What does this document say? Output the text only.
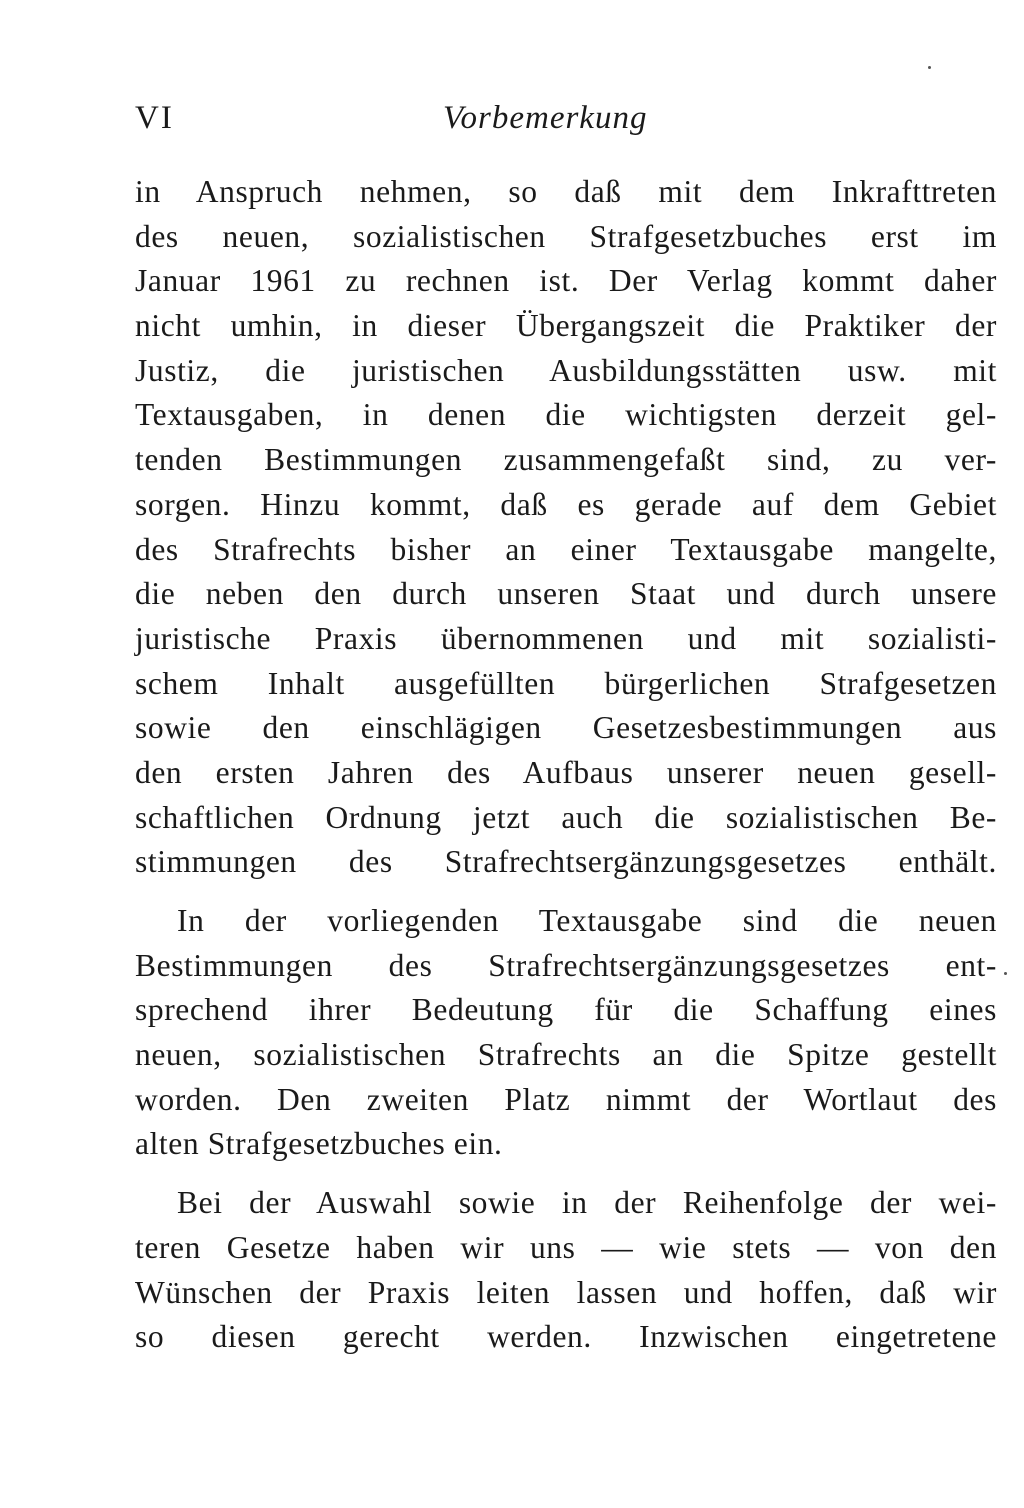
VI	Vorbemerkung
in Anspruch nehmen, so daß mit dem Inkrafttreten
des neuen, sozialistischen Strafgesetzbuches erst im
Januar 1961 zu rechnen ist. Der Verlag kommt daher
nicht umhin, in dieser Übergangszeit die Praktiker der
Justiz, die juristischen Ausbildungsstätten usw. mit
Textausgaben, in denen die wichtigsten derzeit gel-
tenden Bestimmungen zusammengefaßt sind, zu ver-
sorgen. Hinzu kommt, daß es gerade auf dem Gebiet
des Strafrechts bisher an einer Textausgabe mangelte,
die neben den durch unseren Staat und durch unsere
juristische Praxis übernommenen und mit sozialisti-
schem Inhalt ausgefüllten bürgerlichen Strafgesetzen
sowie den einschlägigen Gesetzesbestimmungen aus
den ersten Jahren des Aufbaus unserer neuen gesell-
schaftlichen Ordnung jetzt auch die sozialistischen Be-
stimmungen des Strafrechtsergänzungsgesetzes enthält.
In der vorliegenden Textausgabe sind die neuen
Bestimmungen des Strafrechtsergänzungsgesetzes ent-
sprechend ihrer Bedeutung für die Schaffung eines
neuen, sozialistischen Strafrechts an die Spitze gestellt
worden. Den zweiten Platz nimmt der Wortlaut des
alten Strafgesetzbuches ein.
Bei der Auswahl sowie in der Reihenfolge der wei-
teren Gesetze haben wir uns — wie stets — von den
Wünschen der Praxis leiten lassen und hoffen, daß wir
so diesen gerecht werden. Inzwischen eingetretene
